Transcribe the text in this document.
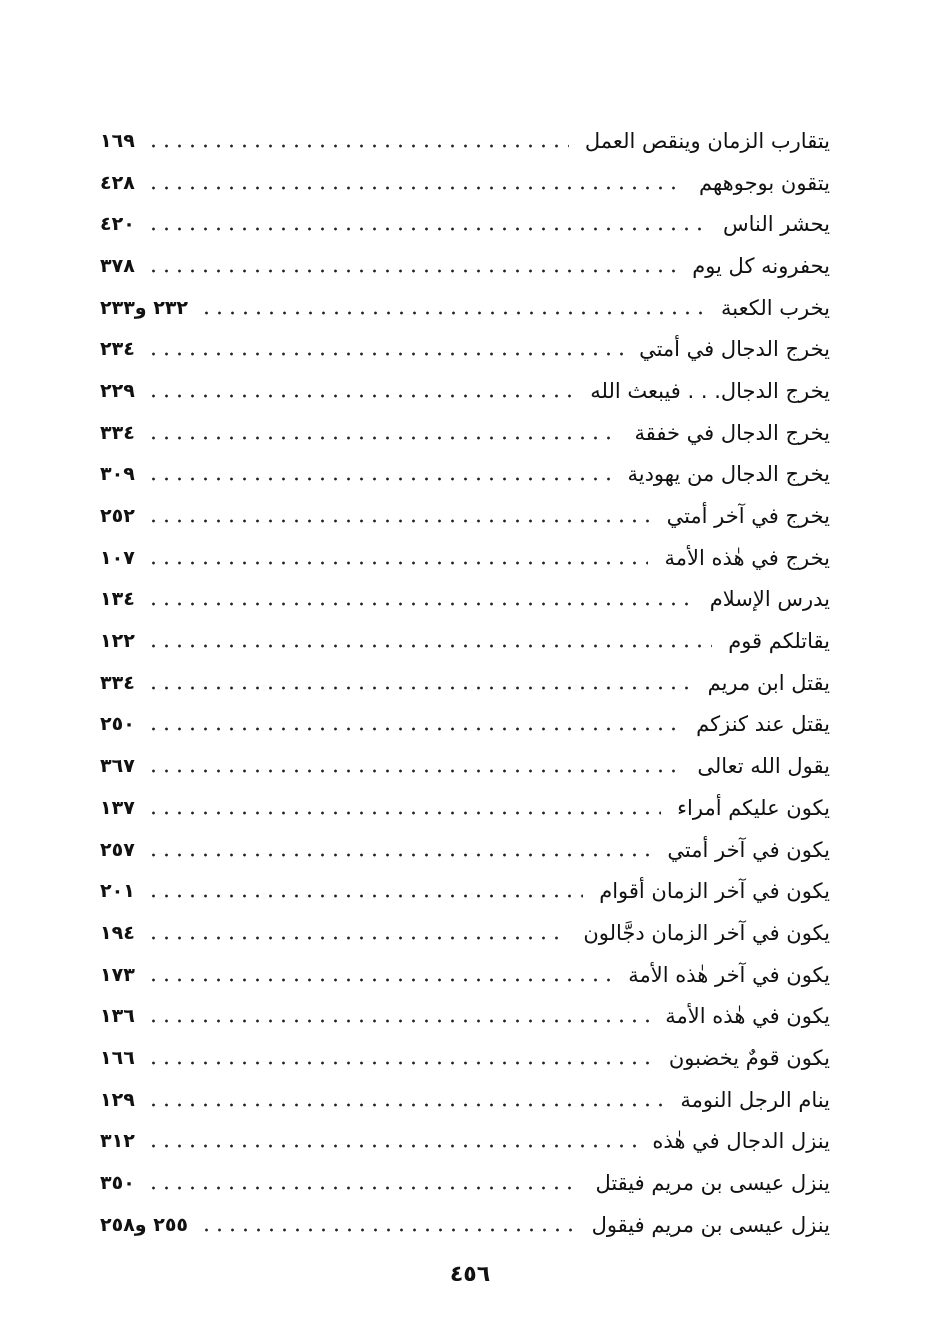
يتقارب الزمان وينقص العمل
١٦٩
يتقون بوجوههم
٤٢٨
يحشر الناس
٤٢٠
يحفرونه كل يوم
٣٧٨
يخرب الكعبة
٢٣٢ و٢٣٣
يخرج الدجال في أمتي
٢٣٤
يخرج الدجال. . . فيبعث الله
٢٢٩
يخرج الدجال في خفقة
٣٣٤
يخرج الدجال من يهودية
٣٠٩
يخرج في آخر أمتي
٢٥٢
يخرج في هٰذه الأمة
١٠٧
يدرس الإسلام
١٣٤
يقاتلكم قوم
١٢٢
يقتل ابن مريم
٣٣٤
يقتل عند كنزكم
٢٥٠
يقول الله تعالى
٣٦٧
يكون عليكم أمراء
١٣٧
يكون في آخر أمتي
٢٥٧
يكون في آخر الزمان أقوام
٢٠١
يكون في آخر الزمان دجَّالون
١٩٤
يكون في آخر هٰذه الأمة
١٧٣
يكون في هٰذه الأمة
١٣٦
يكون قومٌ يخضبون
١٦٦
ينام الرجل النومة
١٢٩
ينزل الدجال في هٰذه
٣١٢
ينزل عيسى بن مريم فيقتل
٣٥٠
ينزل عيسى بن مريم فيقول
٢٥٥ و٢٥٨
٤٥٦
